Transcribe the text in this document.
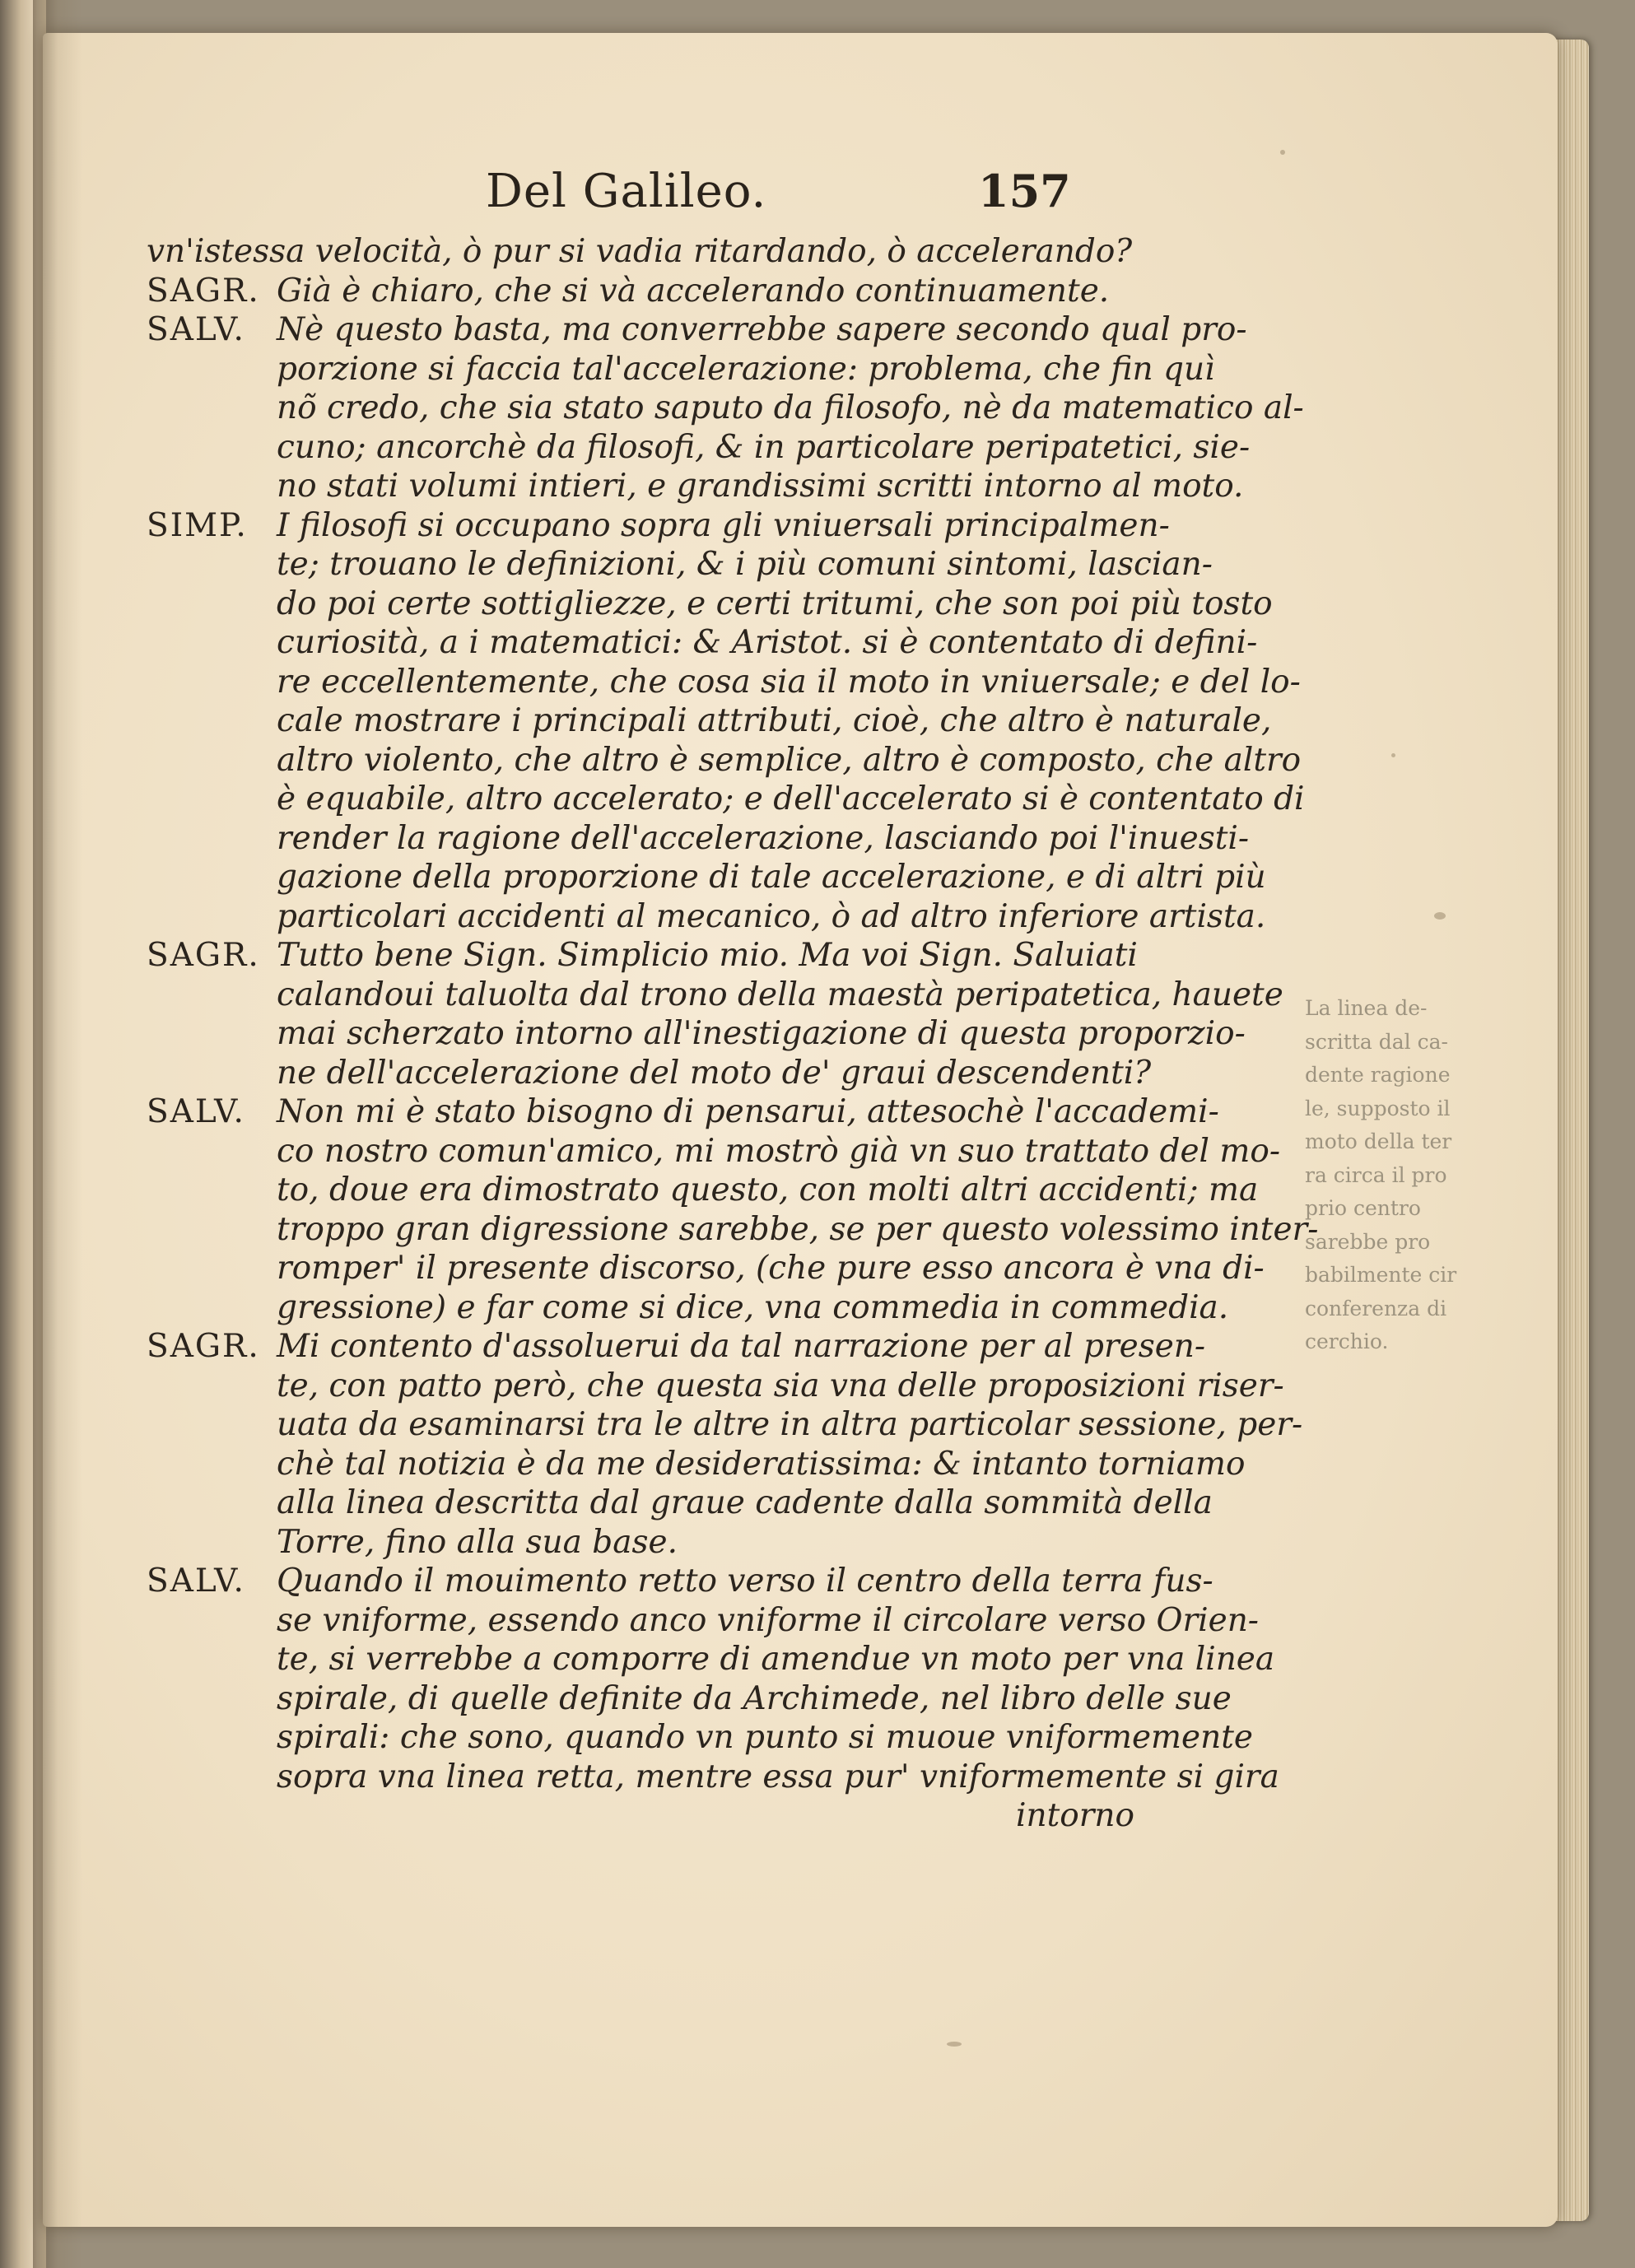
Del Galileo.	157
vn'istessa velocità, ò pur si vadia ritardando, ò accelerando?
SAGR. Già è chiaro, che si và accelerando continuamente.
SALV. Nè questo basta, ma converrebbe sapere secondo qual pro-
porzione si faccia tal'accelerazione: problema, che fin quì
nõ credo, che sia stato saputo da filosofo, nè da matematico al-
cuno; ancorchè da filosofi, & in particolare peripatetici, sie-
no stati volumi intieri, e grandissimi scritti intorno al moto.
SIMP. I filosofi si occupano sopra gli vniuersali principalmen-
te; trouano le definizioni, & i più comuni sintomi, lascian-
do poi certe sottigliezze, e certi tritumi, che son poi più tosto
curiosità, a i matematici: & Aristot. si è contentato di defini-
re eccellentemente, che cosa sia il moto in vniuersale; e del lo-
cale mostrare i principali attributi, cioè, che altro è naturale,
altro violento, che altro è semplice, altro è composto, che altro
è equabile, altro accelerato; e dell'accelerato si è contentato di
render la ragione dell'accelerazione, lasciando poi l'inuesti-
gazione della proporzione di tale accelerazione, e di altri più
particolari accidenti al mecanico, ò ad altro inferiore artista.
SAGR. Tutto bene Sign. Simplicio mio. Ma voi Sign. Saluiati
calandoui taluolta dal trono della maestà peripatetica, hauete
mai scherzato intorno all'inestigazione di questa proporzio-
ne dell'accelerazione del moto de' graui descendenti?
SALV. Non mi è stato bisogno di pensarui, attesochè l'accademi-
co nostro comun'amico, mi mostrò già vn suo trattato del mo-
to, doue era dimostrato questo, con molti altri accidenti; ma
troppo gran digressione sarebbe, se per questo volessimo inter-
romper' il presente discorso, (che pure esso ancora è vna di-
gressione) e far come si dice, vna commedia in commedia.
SAGR. Mi contento d'assoluerui da tal narrazione per al presen-
te, con patto però, che questa sia vna delle proposizioni riser-
uata da esaminarsi tra le altre in altra particolar sessione, per-
chè tal notizia è da me desideratissima: & intanto torniamo
alla linea descritta dal graue cadente dalla sommità della
Torre, fino alla sua base.
SALV. Quando il mouimento retto verso il centro della terra fus-
se vniforme, essendo anco vniforme il circolare verso Orien-
te, si verrebbe a comporre di amendue vn moto per vna linea
spirale, di quelle definite da Archimede, nel libro delle sue
spirali: che sono, quando vn punto si muoue vniformemente
sopra vna linea retta, mentre essa pur' vniformemente si gira
intorno
La linea de-
scritta dal ca-
dente ragione
le, supposto il
moto della ter
ra circa il pro
prio centro
sarebbe pro
babilmente cir
conferenza di
cerchio.
